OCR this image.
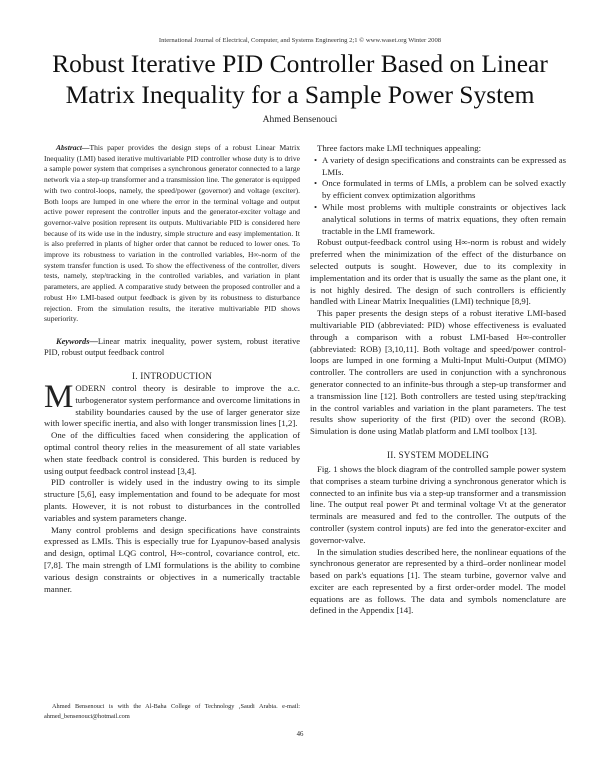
International Journal of Electrical, Computer, and Systems Engineering 2;1 © www.waset.org Winter 2008
Robust Iterative PID Controller Based on Linear
Matrix Inequality for a Sample Power System
Ahmed Bensenouci
Abstract—This paper provides the design steps of a robust Linear Matrix Inequality (LMI) based iterative multivariable PID controller whose duty is to drive a sample power system that comprises a synchronous generator connected to a large network via a step-up transformer and a transmission line. The generator is equipped with two control-loops, namely, the speed/power (governor) and voltage (exciter). Both loops are lumped in one where the error in the terminal voltage and output active power represent the controller inputs and the generator-exciter voltage and governor-valve position represent its outputs. Multivariable PID is considered here because of its wide use in the industry, simple structure and easy implementation. It is also preferred in plants of higher order that cannot be reduced to lower ones. To improve its robustness to variation in the controlled variables, H∞-norm of the system transfer function is used. To show the effectiveness of the controller, divers tests, namely, step/tracking in the controlled variables, and variation in plant parameters, are applied. A comparative study between the proposed controller and a robust H∞ LMI-based output feedback is given by its robustness to disturbance rejection. From the simulation results, the iterative multivariable PID shows superiority.
Keywords—Linear matrix inequality, power system, robust iterative PID, robust output feedback control
I. INTRODUCTION

MODERN control theory is desirable to improve the a.c. turbogenerator system performance and overcome limitations in stability boundaries caused by the use of larger generator size with lower specific inertia, and also with longer transmission lines [1,2].

One of the difficulties faced when considering the application of optimal control theory relies in the measurement of all state variables when state feedback control is considered. This burden is reduced by using output feedback control instead [3,4].

PID controller is widely used in the industry owing to its simple structure [5,6], easy implementation and found to be adequate for most plants. However, it is not robust to disturbances in the controlled variables and system parameters change.

Many control problems and design specifications have constraints expressed as LMIs. This is especially true for Lyapunov-based analysis and design, optimal LQG control, H∞-control, covariance control, etc. [7,8]. The main strength of LMI formulations is the ability to combine various design constraints or objectives in a numerically tractable manner.

Three factors make LMI techniques appealing:

• A variety of design specifications and constraints can be expressed as LMIs.
• Once formulated in terms of LMIs, a problem can be solved exactly by efficient convex optimization algorithms
• While most problems with multiple constraints or objectives lack analytical solutions in terms of matrix equations, they often remain tractable in the LMI framework.

Robust output-feedback control using H∞-norm is robust and widely preferred when the minimization of the effect of the disturbance on selected outputs is sought. However, due to its complexity in implementation and its order that is usually the same as the plant one, it is not highly desired. The design of such controllers is efficiently handled with Linear Matrix Inequalities (LMI) technique [8,9].

This paper presents the design steps of a robust iterative LMI-based multivariable PID (abbreviated: PID) whose effectiveness is evaluated through a comparison with a robust LMI-based H∞-controller (abbreviated: ROB) [3,10,11]. Both voltage and speed/power control-loops are lumped in one forming a Multi-Input Multi-Output (MIMO) controller. The controllers are used in conjunction with a synchronous generator connected to an infinite-bus through a step-up transformer and a transmission line [12]. Both controllers are tested using step/tracking in the control variables and variation in the plant parameters. The test results show superiority of the first (PID) over the second (ROB). Simulation is done using Matlab platform and LMI toolbox [13].

II. SYSTEM MODELING

Fig. 1 shows the block diagram of the controlled sample power system that comprises a steam turbine driving a synchronous generator which is connected to an infinite bus via a step-up transformer and a transmission line. The output real power Pt and terminal voltage Vt at the generator terminals are measured and fed to the controller. The outputs of the controller (system control inputs) are fed into the generator-exciter and governor-valve.

In the simulation studies described here, the nonlinear equations of the synchronous generator are represented by a third–order nonlinear model based on park's equations [1]. The steam turbine, governor valve and exciter are each represented by a first order-order model. The model equations are as follows. The data and symbols nomenclature are defined in the Appendix [14].

Ahmed Bensenouci is with the Al-Baha College of Technology ,Saudi Arabia. e-mail: ahmed_bensenouci@hotmail.com
46
